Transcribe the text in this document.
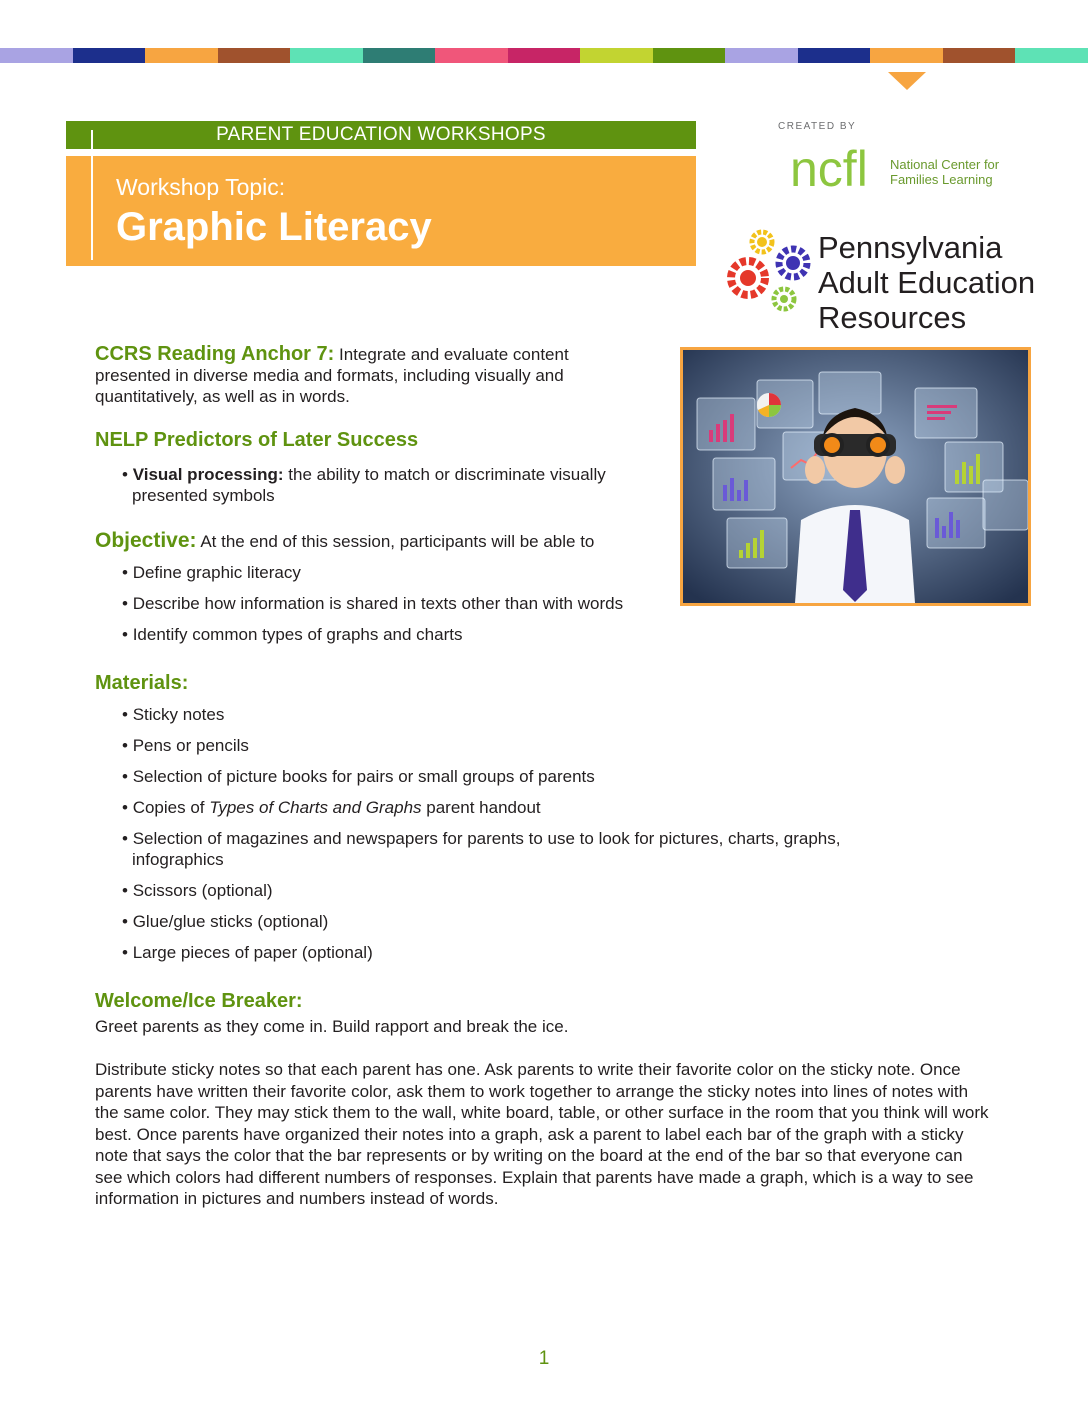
PARENT EDUCATION WORKSHOPS
Workshop Topic:
Graphic Literacy
CREATED BY
ncfl National Center for
Families Learning
Pennsylvania
Adult Education
Resources

CCRS Reading Anchor 7: Integrate and evaluate content presented in diverse media and formats, including visually and quantitatively, as well as in words.

NELP Predictors of Later Success
• Visual processing: the ability to match or discriminate visually presented symbols

Objective: At the end of this session, participants will be able to

• Define graphic literacy
• Describe how information is shared in texts other than with words
• Identify common types of graphs and charts
Materials:
• Sticky notes
• Pens or pencils
• Selection of picture books for pairs or small groups of parents
• Copies of Types of Charts and Graphs parent handout
• Selection of magazines and newspapers for parents to use to look for pictures, charts, graphs, infographics
• Scissors (optional)
• Glue/glue sticks (optional)
• Large pieces of paper (optional)
Welcome/Ice Breaker:

Greet parents as they come in. Build rapport and break the ice.

Distribute sticky notes so that each parent has one. Ask parents to write their favorite color on the sticky note. Once parents have written their favorite color, ask them to work together to arrange the sticky notes into lines of notes with the same color. They may stick them to the wall, white board, table, or other surface in the room that you think will work best. Once parents have organized their notes into a graph, ask a parent to label each bar of the graph with a sticky note that says the color that the bar represents or by writing on the board at the end of the bar so that everyone can see which colors had different numbers of responses. Explain that parents have made a graph, which is a way to see information in pictures and numbers instead of words.

1
